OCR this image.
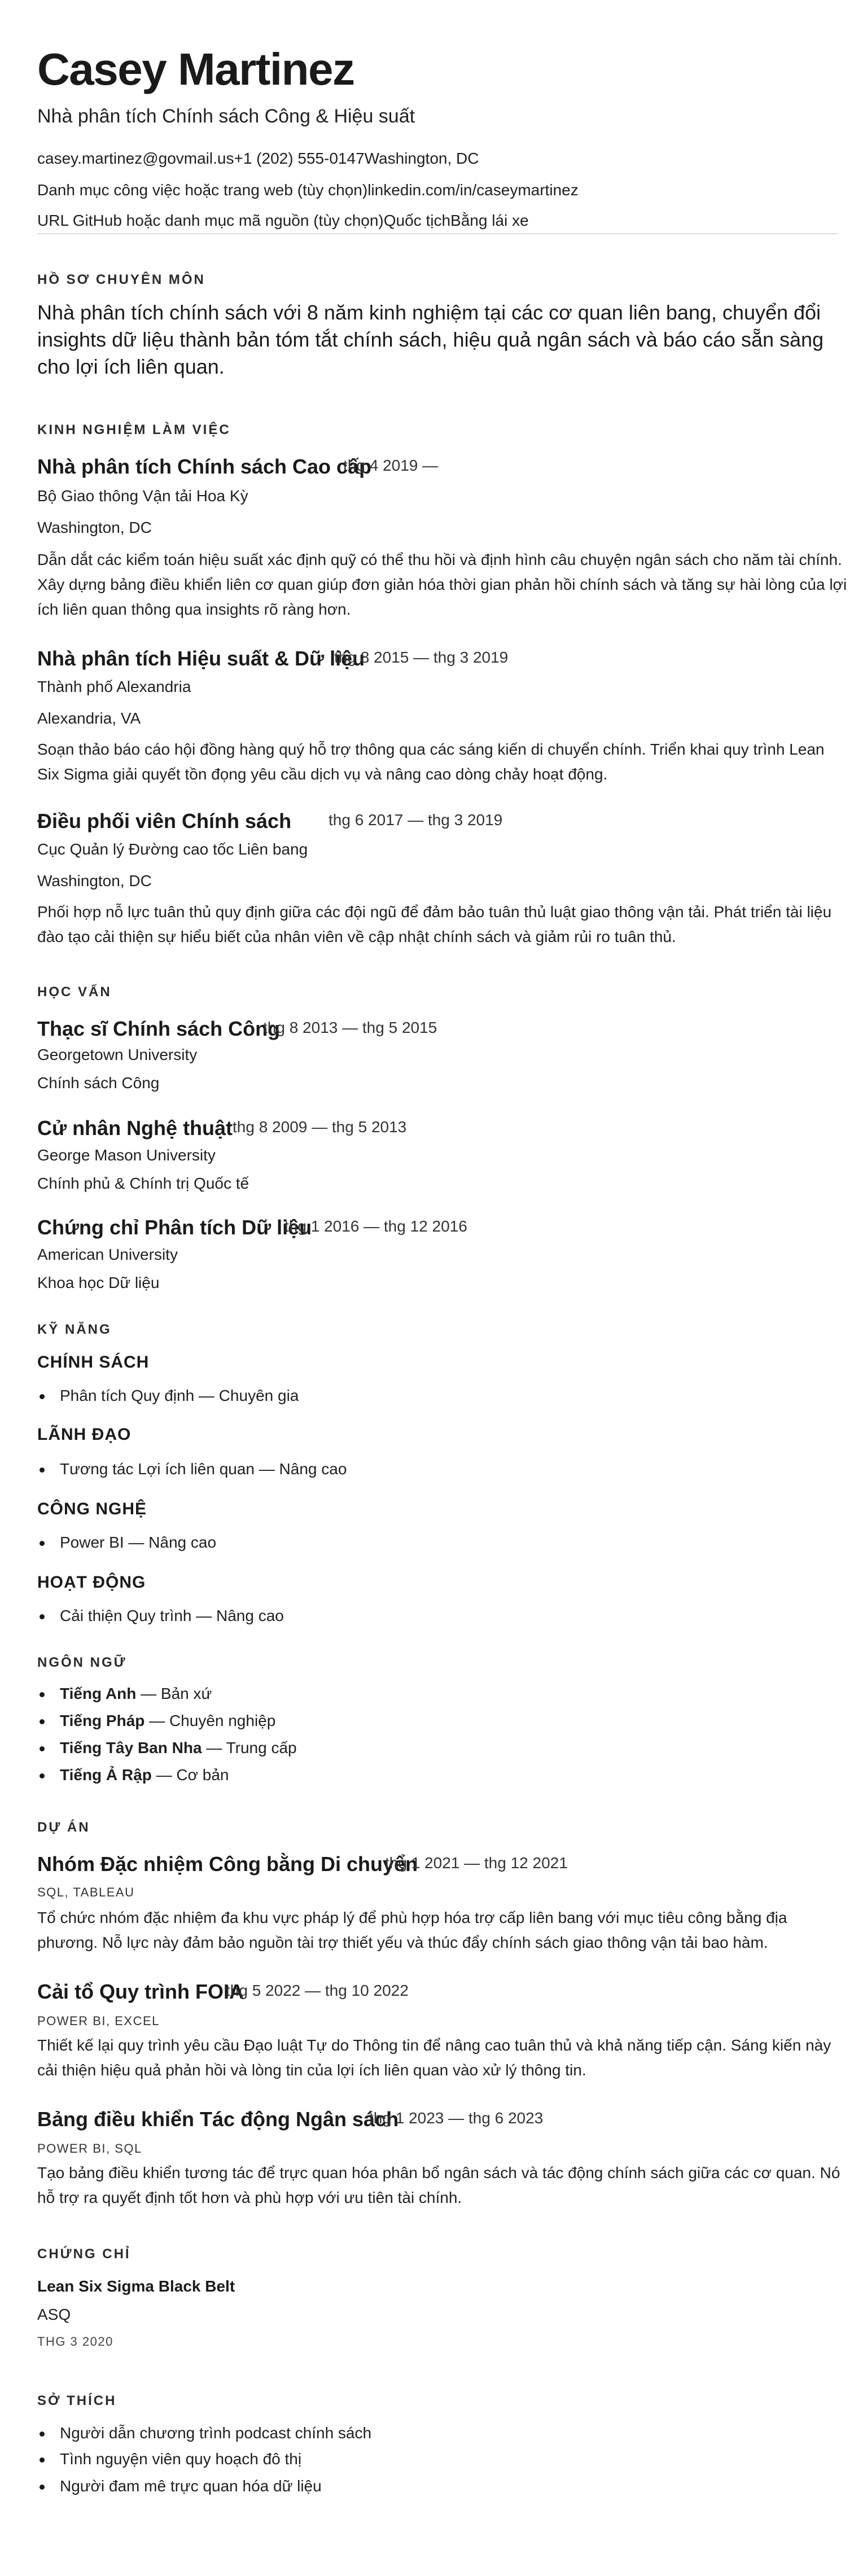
Casey Martinez
Nhà phân tích Chính sách Công & Hiệu suất
casey.martinez@govmail.us+1 (202) 555-0147Washington, DC
Danh mục công việc hoặc trang web (tùy chọn)linkedin.com/in/caseymartinez
URL GitHub hoặc danh mục mã nguồn (tùy chọn)Quốc tịchBằng lái xe
HỒ SƠ CHUYÊN MÔN
Nhà phân tích chính sách với 8 năm kinh nghiệm tại các cơ quan liên bang, chuyển đổi insights dữ liệu thành bản tóm tắt chính sách, hiệu quả ngân sách và báo cáo sẵn sàng cho lợi ích liên quan.
KINH NGHIỆM LÀM VIỆC
Nhà phân tích Chính sách Cao cấp
thg 4 2019 —
Bộ Giao thông Vận tải Hoa Kỳ
Washington, DC
Dẫn dắt các kiểm toán hiệu suất xác định quỹ có thể thu hồi và định hình câu chuyện ngân sách cho năm tài chính. Xây dựng bảng điều khiển liên cơ quan giúp đơn giản hóa thời gian phản hồi chính sách và tăng sự hài lòng của lợi ích liên quan thông qua insights rõ ràng hơn.
Nhà phân tích Hiệu suất & Dữ liệu
thg 8 2015 — thg 3 2019
Thành phố Alexandria
Alexandria, VA
Soạn thảo báo cáo hội đồng hàng quý hỗ trợ thông qua các sáng kiến di chuyển chính. Triển khai quy trình Lean Six Sigma giải quyết tồn đọng yêu cầu dịch vụ và nâng cao dòng chảy hoạt động.
Điều phối viên Chính sách thg 6 2017 — thg 3 2019
Cục Quản lý Đường cao tốc Liên bang
Washington, DC
Phối hợp nỗ lực tuân thủ quy định giữa các đội ngũ để đảm bảo tuân thủ luật giao thông vận tải. Phát triển tài liệu đào tạo cải thiện sự hiểu biết của nhân viên về cập nhật chính sách và giảm rủi ro tuân thủ.
HỌC VẤN
Thạc sĩ Chính sách Công
thg 8 2013 — thg 5 2015
Georgetown University
Chính sách Công
Cử nhân Nghệ thuật thg 8 2009 — thg 5 2013
George Mason University
Chính phủ & Chính trị Quốc tế
Chứng chỉ Phân tích Dữ liệu
thg 1 2016 — thg 12 2016
American University
Khoa học Dữ liệu
KỸ NĂNG
CHÍNH SÁCH
Phân tích Quy định — Chuyên gia
LÃNH ĐẠO
Tương tác Lợi ích liên quan — Nâng cao
CÔNG NGHỆ
Power BI — Nâng cao
HOẠT ĐỘNG
Cải thiện Quy trình — Nâng cao
NGÔN NGỮ
Tiếng Anh — Bản xứ
Tiếng Pháp — Chuyên nghiệp
Tiếng Tây Ban Nha — Trung cấp
Tiếng Ả Rập — Cơ bản
DỰ ÁN
Nhóm Đặc nhiệm Công bằng Di chuyển
thg 1 2021 — thg 12 2021
SQL, TABLEAU
Tổ chức nhóm đặc nhiệm đa khu vực pháp lý để phù hợp hóa trợ cấp liên bang với mục tiêu công bằng địa phương. Nỗ lực này đảm bảo nguồn tài trợ thiết yếu và thúc đẩy chính sách giao thông vận tải bao hàm.
Cải tổ Quy trình FOIA
thg 5 2022 — thg 10 2022
POWER BI, EXCEL
Thiết kế lại quy trình yêu cầu Đạo luật Tự do Thông tin để nâng cao tuân thủ và khả năng tiếp cận. Sáng kiến này cải thiện hiệu quả phản hồi và lòng tin của lợi ích liên quan vào xử lý thông tin.
Bảng điều khiển Tác động Ngân sách
thg 1 2023 — thg 6 2023
POWER BI, SQL
Tạo bảng điều khiển tương tác để trực quan hóa phân bổ ngân sách và tác động chính sách giữa các cơ quan. Nó hỗ trợ ra quyết định tốt hơn và phù hợp với ưu tiên tài chính.
CHỨNG CHỈ
Lean Six Sigma Black Belt
ASQ
THG 3 2020
SỞ THÍCH
Người dẫn chương trình podcast chính sách
Tình nguyện viên quy hoạch đô thị
Người đam mê trực quan hóa dữ liệu
